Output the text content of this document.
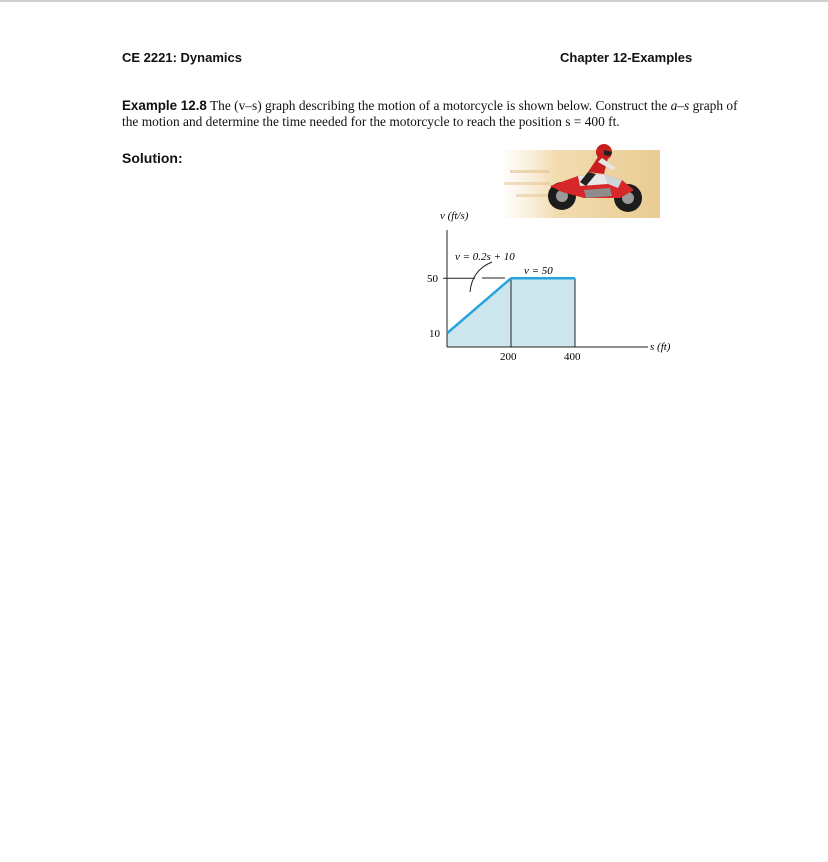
CE 2221: Dynamics	Chapter 12-Examples
Example 12.8 The (v–s) graph describing the motion of a motorcycle is shown below. Construct the a–s graph of the motion and determine the time needed for the motorcycle to reach the position s = 400 ft.
Solution:
v (ft/s)
s (ft)
50
10
200	400
v = 0.2s + 10
v = 50
